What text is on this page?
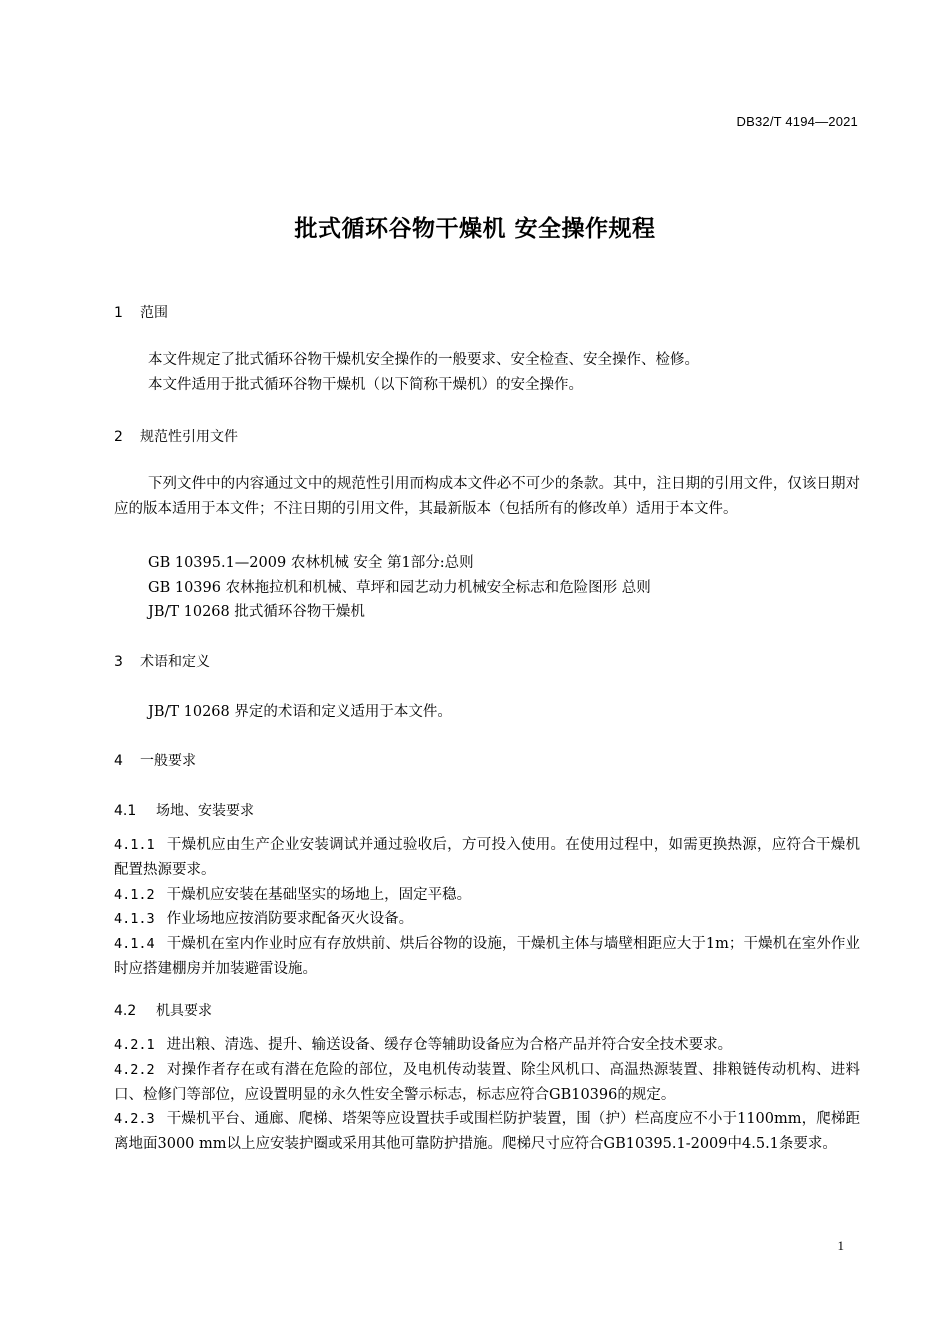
DB32/T 4194—2021
批式循环谷物干燥机 安全操作规程
1 范围
本文件规定了批式循环谷物干燥机安全操作的一般要求、安全检查、安全操作、检修。
本文件适用于批式循环谷物干燥机（以下简称干燥机）的安全操作。
2 规范性引用文件
下列文件中的内容通过文中的规范性引用而构成本文件必不可少的条款。其中，注日期的引用文件，仅该日期对应的版本适用于本文件；不注日期的引用文件，其最新版本（包括所有的修改单）适用于本文件。
GB 10395.1—2009 农林机械 安全 第1部分:总则
GB 10396 农林拖拉机和机械、草坪和园艺动力机械安全标志和危险图形 总则
JB/T 10268 批式循环谷物干燥机
3 术语和定义
JB/T 10268 界定的术语和定义适用于本文件。
4 一般要求
4.1 场地、安装要求
4.1.1 干燥机应由生产企业安装调试并通过验收后，方可投入使用。在使用过程中，如需更换热源，应符合干燥机配置热源要求。
4.1.2 干燥机应安装在基础坚实的场地上，固定平稳。
4.1.3 作业场地应按消防要求配备灭火设备。
4.1.4 干燥机在室内作业时应有存放烘前、烘后谷物的设施，干燥机主体与墙壁相距应大于1m；干燥机在室外作业时应搭建棚房并加装避雷设施。
4.2 机具要求
4.2.1 进出粮、清选、提升、输送设备、缓存仓等辅助设备应为合格产品并符合安全技术要求。
4.2.2 对操作者存在或有潜在危险的部位，及电机传动装置、除尘风机口、高温热源装置、排粮链传动机构、进料口、检修门等部位，应设置明显的永久性安全警示标志，标志应符合GB10396的规定。
4.2.3 干燥机平台、通廊、爬梯、塔架等应设置扶手或围栏防护装置，围（护）栏高度应不小于1100mm，爬梯距离地面3000 mm以上应安装护圈或采用其他可靠防护措施。爬梯尺寸应符合GB10395.1-2009中4.5.1条要求。
1
